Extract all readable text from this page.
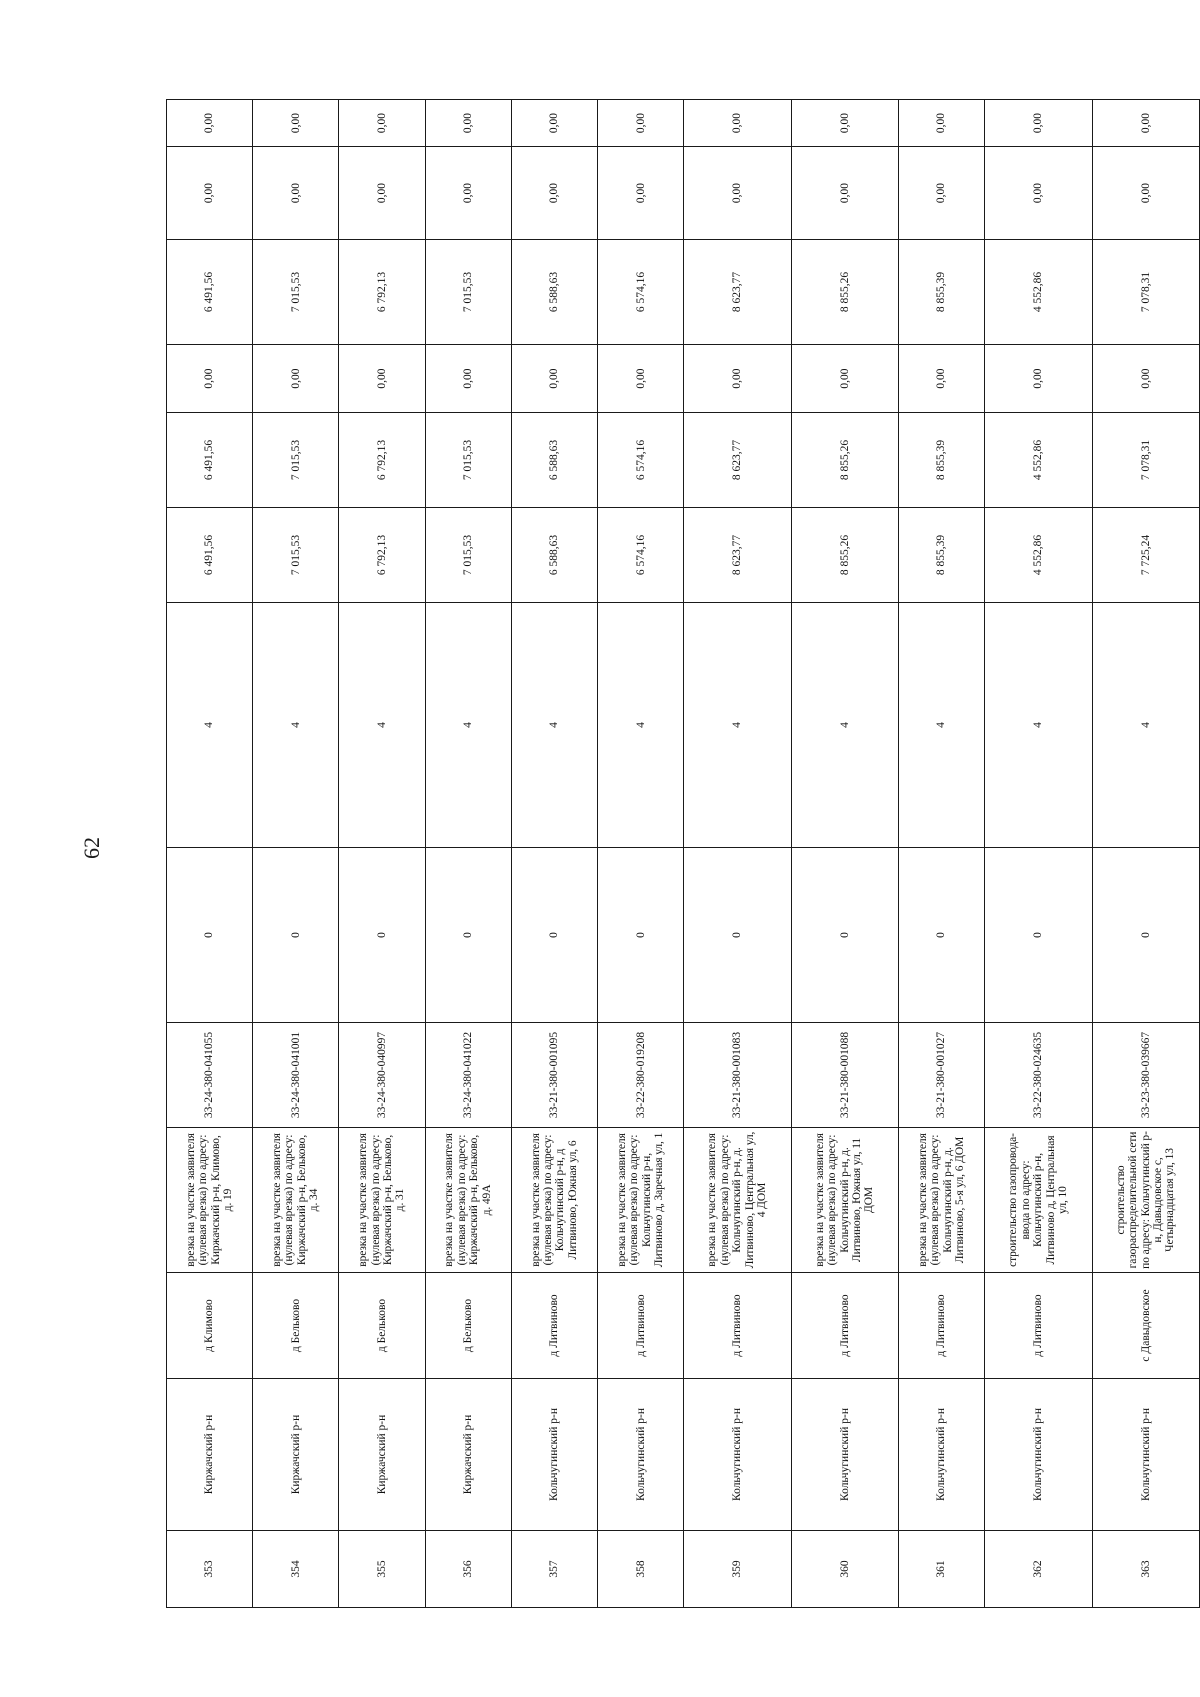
62
353	Киржачский р-н	д Климово	врезка на участке заявителя (нулевая врезка) по адресу: Киржачский р-н, Климово, д. 19	33-24-380-041055	0	4	6 491,56	6 491,56	0,00	6 491,56	0,00	0,00
354	Киржачский р-н	д Бельково	врезка на участке заявителя (нулевая врезка) по адресу: Киржачский р-н, Бельково, д. 34	33-24-380-041001	0	4	7 015,53	7 015,53	0,00	7 015,53	0,00	0,00
355	Киржачский р-н	д Бельково	врезка на участке заявителя (нулевая врезка) по адресу: Киржачский р-н, Бельково, д. 31	33-24-380-040997	0	4	6 792,13	6 792,13	0,00	6 792,13	0,00	0,00
356	Киржачский р-н	д Бельково	врезка на участке заявителя (нулевая врезка) по адресу: Киржачский р-н, Бельково, д. 49А	33-24-380-041022	0	4	7 015,53	7 015,53	0,00	7 015,53	0,00	0,00
357	Кольчугинский р-н	д Литвиново	врезка на участке заявителя (нулевая врезка) по адресу: Кольчугинский р-н, д Литвиново, Южная ул, 6	33-21-380-001095	0	4	6 588,63	6 588,63	0,00	6 588,63	0,00	0,00
358	Кольчугинский р-н	д Литвиново	врезка на участке заявителя (нулевая врезка) по адресу: Кольчугинский р-н, Литвиново д, Заречная ул, 1	33-22-380-019208	0	4	6 574,16	6 574,16	0,00	6 574,16	0,00	0,00
359	Кольчугинский р-н	д Литвиново	врезка на участке заявителя (нулевая врезка) по адресу: Кольчугинский р-н, д. Литвиново, Центральная ул, 4 ДОМ	33-21-380-001083	0	4	8 623,77	8 623,77	0,00	8 623,77	0,00	0,00
360	Кольчугинский р-н	д Литвиново	врезка на участке заявителя (нулевая врезка) по адресу: Кольчугинский р-н, д. Литвиново, Южная ул, 11 ДОМ	33-21-380-001088	0	4	8 855,26	8 855,26	0,00	8 855,26	0,00	0,00
361	Кольчугинский р-н	д Литвиново	врезка на участке заявителя (нулевая врезка) по адресу: Кольчугинский р-н, д. Литвиново, 5-я ул, 6 ДОМ	33-21-380-001027	0	4	8 855,39	8 855,39	0,00	8 855,39	0,00	0,00
362	Кольчугинский р-н	д Литвиново	строительство газопровода-ввода по адресу: Кольчугинский р-н, Литвиново д, Центральная ул, 10	33-22-380-024635	0	4	4 552,86	4 552,86	0,00	4 552,86	0,00	0,00
363	Кольчугинский р-н	с Давыдовское	строительство газораспределительной сети по адресу: Кольчугинский р-н, Давыдовское с, Четырнадцатая ул, 13	33-23-380-039667	0	4	7 725,24	7 078,31	0,00	7 078,31	0,00	0,00
